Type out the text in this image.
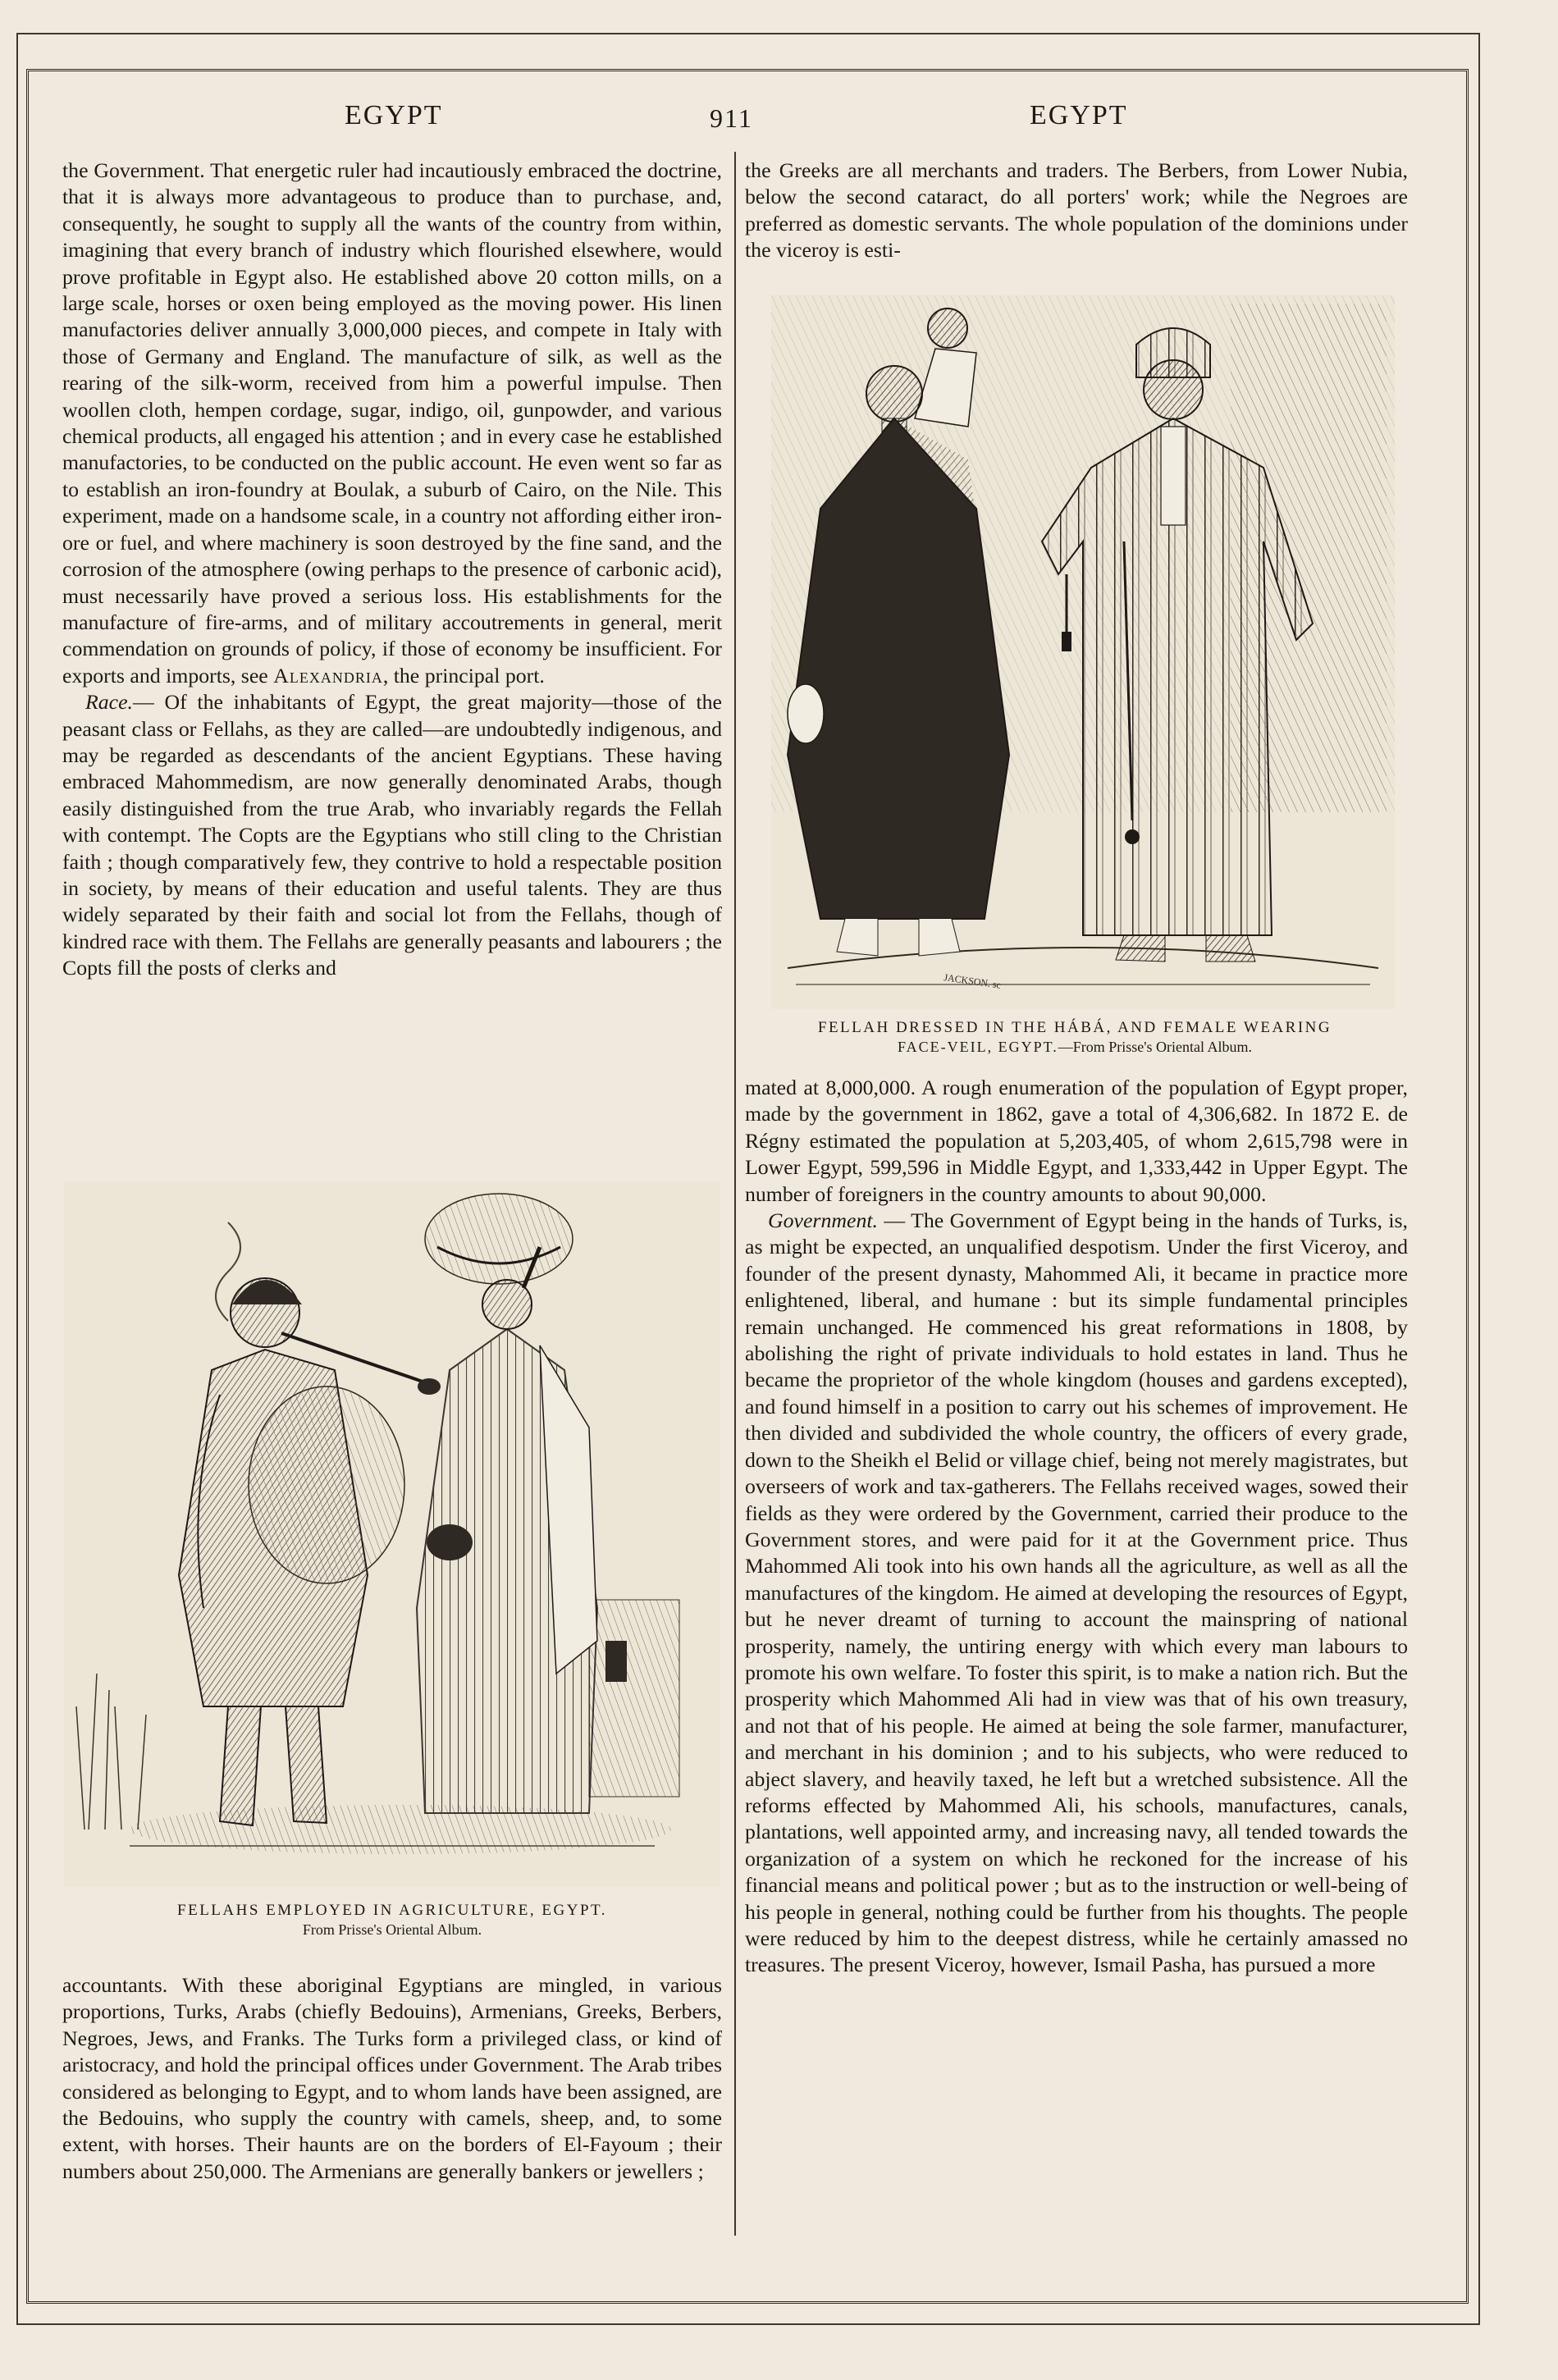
EGYPT	911	EGYPT

the Government. That energetic ruler had incautiously embraced the doctrine, that it is always more advantageous to produce than to purchase, and, consequently, he sought to supply all the wants of the country from within, imagining that every branch of industry which flourished elsewhere, would prove profitable in Egypt also. He established above 20 cotton mills, on a large scale, horses or oxen being employed as the moving power. His linen manufactories deliver annually 3,000,000 pieces, and compete in Italy with those of Germany and England. The manufacture of silk, as well as the rearing of the silk-worm, received from him a powerful impulse. Then woollen cloth, hempen cordage, sugar, indigo, oil, gunpowder, and various chemical products, all engaged his attention ; and in every case he established manufactories, to be conducted on the public account. He even went so far as to establish an iron-foundry at Boulak, a suburb of Cairo, on the Nile. This experiment, made on a handsome scale, in a country not affording either iron-ore or fuel, and where machinery is soon destroyed by the fine sand, and the corrosion of the atmosphere (owing perhaps to the presence of carbonic acid), must necessarily have proved a serious loss. His establishments for the manufacture of fire-arms, and of military accoutrements in general, merit commendation on grounds of policy, if those of economy be insufficient. For exports and imports, see Alexandria, the principal port.

Race.— Of the inhabitants of Egypt, the great majority—those of the peasant class or Fellahs, as they are called—are undoubtedly indigenous, and may be regarded as descendants of the ancient Egyptians. These having embraced Mahommedism, are now generally denominated Arabs, though easily distinguished from the true Arab, who invariably regards the Fellah with contempt. The Copts are the Egyptians who still cling to the Christian faith ; though comparatively few, they contrive to hold a respectable position in society, by means of their education and useful talents. They are thus widely separated by their faith and social lot from the Fellahs, though of kindred race with them. The Fellahs are generally peasants and labourers ; the Copts fill the posts of clerks and

FELLAHS EMPLOYED IN AGRICULTURE, EGYPT.
From Prisse's Oriental Album.

accountants. With these aboriginal Egyptians are mingled, in various proportions, Turks, Arabs (chiefly Bedouins), Armenians, Greeks, Berbers, Negroes, Jews, and Franks. The Turks form a privileged class, or kind of aristocracy, and hold the principal offices under Government. The Arab tribes considered as belonging to Egypt, and to whom lands have been assigned, are the Bedouins, who supply the country with camels, sheep, and, to some extent, with horses. Their haunts are on the borders of El-Fayoum ; their numbers about 250,000. The Armenians are generally bankers or jewellers ;

the Greeks are all merchants and traders. The Berbers, from Lower Nubia, below the second cataract, do all porters' work; while the Negroes are preferred as domestic servants. The whole population of the dominions under the viceroy is esti-

JACKSON. sc
FELLAH DRESSED IN THE HÁBÁ, AND FEMALE WEARING
FACE-VEIL, EGYPT.—From Prisse's Oriental Album.

mated at 8,000,000. A rough enumeration of the population of Egypt proper, made by the government in 1862, gave a total of 4,306,682. In 1872 E. de Régny estimated the population at 5,203,405, of whom 2,615,798 were in Lower Egypt, 599,596 in Middle Egypt, and 1,333,442 in Upper Egypt. The number of foreigners in the country amounts to about 90,000.

Government. — The Government of Egypt being in the hands of Turks, is, as might be expected, an unqualified despotism. Under the first Viceroy, and founder of the present dynasty, Mahommed Ali, it became in practice more enlightened, liberal, and humane : but its simple fundamental principles remain unchanged. He commenced his great reformations in 1808, by abolishing the right of private individuals to hold estates in land. Thus he became the proprietor of the whole kingdom (houses and gardens excepted), and found himself in a position to carry out his schemes of improvement. He then divided and subdivided the whole country, the officers of every grade, down to the Sheikh el Belid or village chief, being not merely magistrates, but overseers of work and tax-gatherers. The Fellahs received wages, sowed their fields as they were ordered by the Government, carried their produce to the Government stores, and were paid for it at the Government price. Thus Mahommed Ali took into his own hands all the agriculture, as well as all the manufactures of the kingdom. He aimed at developing the resources of Egypt, but he never dreamt of turning to account the mainspring of national prosperity, namely, the untiring energy with which every man labours to promote his own welfare. To foster this spirit, is to make a nation rich. But the prosperity which Mahommed Ali had in view was that of his own treasury, and not that of his people. He aimed at being the sole farmer, manufacturer, and merchant in his dominion ; and to his subjects, who were reduced to abject slavery, and heavily taxed, he left but a wretched subsistence. All the reforms effected by Mahommed Ali, his schools, manufactures, canals, plantations, well appointed army, and increasing navy, all tended towards the organization of a system on which he reckoned for the increase of his financial means and political power ; but as to the instruction or well-being of his people in general, nothing could be further from his thoughts. The people were reduced by him to the deepest distress, while he certainly amassed no treasures. The present Viceroy, however, Ismail Pasha, has pursued a more
